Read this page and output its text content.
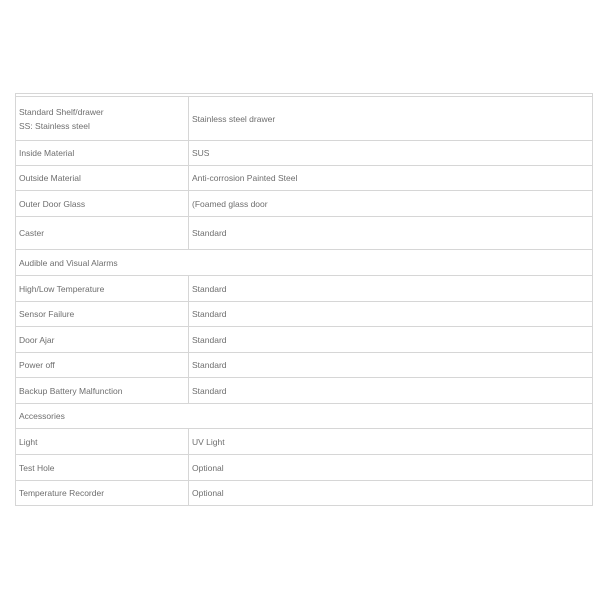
Standard Shelf/drawer
SS: Stainless steel	Stainless steel drawer
Inside Material	SUS
Outside Material	Anti-corrosion Painted Steel
Outer Door Glass	(Foamed glass door
Caster	Standard
Audible and Visual Alarms	
High/Low Temperature	Standard
Sensor Failure	Standard
Door Ajar	Standard
Power off	Standard
Backup Battery Malfunction	Standard
Accessories	
Light	UV Light
Test Hole	Optional
Temperature Recorder	Optional
